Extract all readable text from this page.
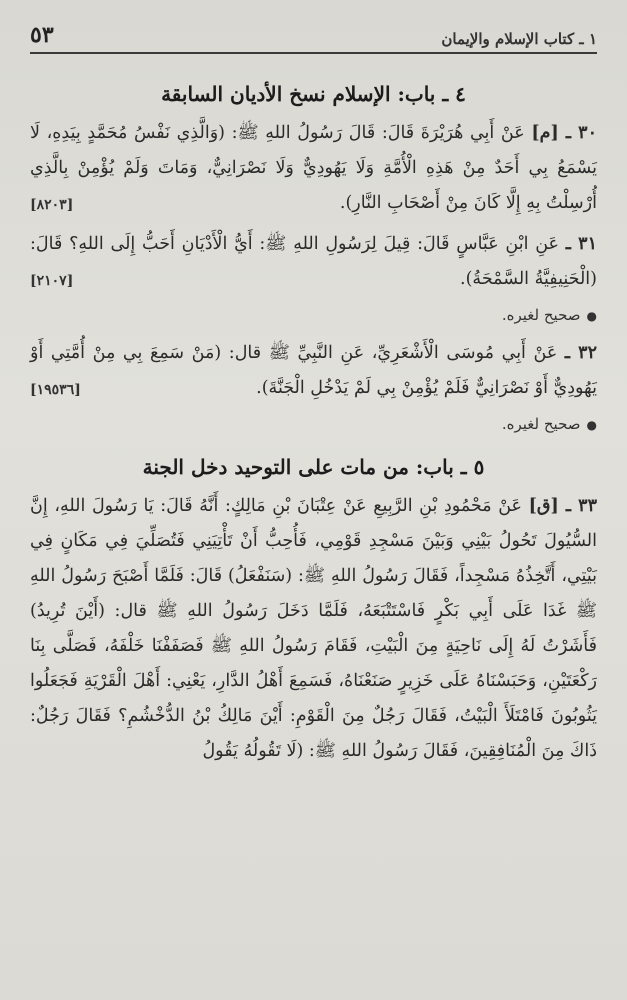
١ ـ كتاب الإسلام والإيمان
٥٣
٤ ـ باب: الإسلام نسخ الأديان السابقة
٣٠ ـ [م] عَنْ أَبِي هُرَيْرَةَ قَالَ: قَالَ رَسُولُ اللهِ ﷺ: (وَالَّذِي نَفْسُ مُحَمَّدٍ بِيَدِهِ، لَا يَسْمَعُ بِي أَحَدٌ مِنْ هَذِهِ الْأُمَّةِ وَلَا يَهُودِيٌّ وَلَا نَصْرَانِيٌّ، وَمَاتَ وَلَمْ يُؤْمِنْ بِالَّذِي أُرْسِلْتُ بِهِ إِلَّا كَانَ مِنْ أَصْحَابِ النَّارِ).
[٨٢٠٣]
٣١ ـ عَنِ ابْنِ عَبَّاسٍ قَالَ: قِيلَ لِرَسُولِ اللهِ ﷺ: أَيُّ الْأَدْيَانِ أَحَبُّ إِلَى اللهِ؟ قَالَ: (الْحَنِيفِيَّةُ السَّمْحَةُ).
[٢١٠٧]
●صحيح لغيره.
٣٢ ـ عَنْ أَبِي مُوسَى الْأَشْعَرِيِّ، عَنِ النَّبِيِّ ﷺ قال: (مَنْ سَمِعَ بِي مِنْ أُمَّتِي أَوْ يَهُودِيٌّ أَوْ نَصْرَانِيٌّ فَلَمْ يُؤْمِنْ بِي لَمْ يَدْخُلِ الْجَنَّةَ).
[١٩٥٣٦]
●صحيح لغيره.
٥ ـ باب: من مات على التوحيد دخل الجنة
٣٣ ـ [ق] عَنْ مَحْمُودِ بْنِ الرَّبِيعِ عَنْ عِتْبَانَ بْنِ مَالِكٍ: أَنَّهُ قَالَ: يَا رَسُولَ اللهِ، إِنَّ السُّيُولَ تَحُولُ بَيْنِي وَبَيْنَ مَسْجِدِ قَوْمِي، فَأُحِبُّ أَنْ تَأْتِيَنِي فَتُصَلِّيَ فِي مَكَانٍ فِي بَيْتِي، أَتَّخِذُهُ مَسْجِداً، فَقَالَ رَسُولُ اللهِ ﷺ: (سَنَفْعَلُ) قَالَ: فَلَمَّا أَصْبَحَ رَسُولُ اللهِ ﷺ غَدَا عَلَى أَبِي بَكْرٍ فَاسْتَتْبَعَهُ، فَلَمَّا دَخَلَ رَسُولُ اللهِ ﷺ قال: (أَيْنَ تُرِيدُ) فَأَشَرْتُ لَهُ إِلَى نَاحِيَةٍ مِنَ الْبَيْتِ، فَقَامَ رَسُولُ اللهِ ﷺ فَصَفَفْنَا خَلْفَهُ، فَصَلَّى بِنَا رَكْعَتَيْنِ، وَحَبَسْنَاهُ عَلَى خَزِيرٍ صَنَعْنَاهُ، فَسَمِعَ أَهْلُ الدَّارِ، يَعْنِي: أَهْلَ الْقَرْيَةِ فَجَعَلُوا يَثُوبُونَ فَامْتَلَأَ الْبَيْتُ، فَقَالَ رَجُلٌ مِنَ الْقَوْمِ: أَيْنَ مَالِكُ بْنُ الدُّخْشُمِ؟ فَقَالَ رَجُلٌ: ذَاكَ مِنَ الْمُنَافِقِينَ، فَقَالَ رَسُولُ اللهِ ﷺ: (لَا تَقُولُهُ يَقُولُ
